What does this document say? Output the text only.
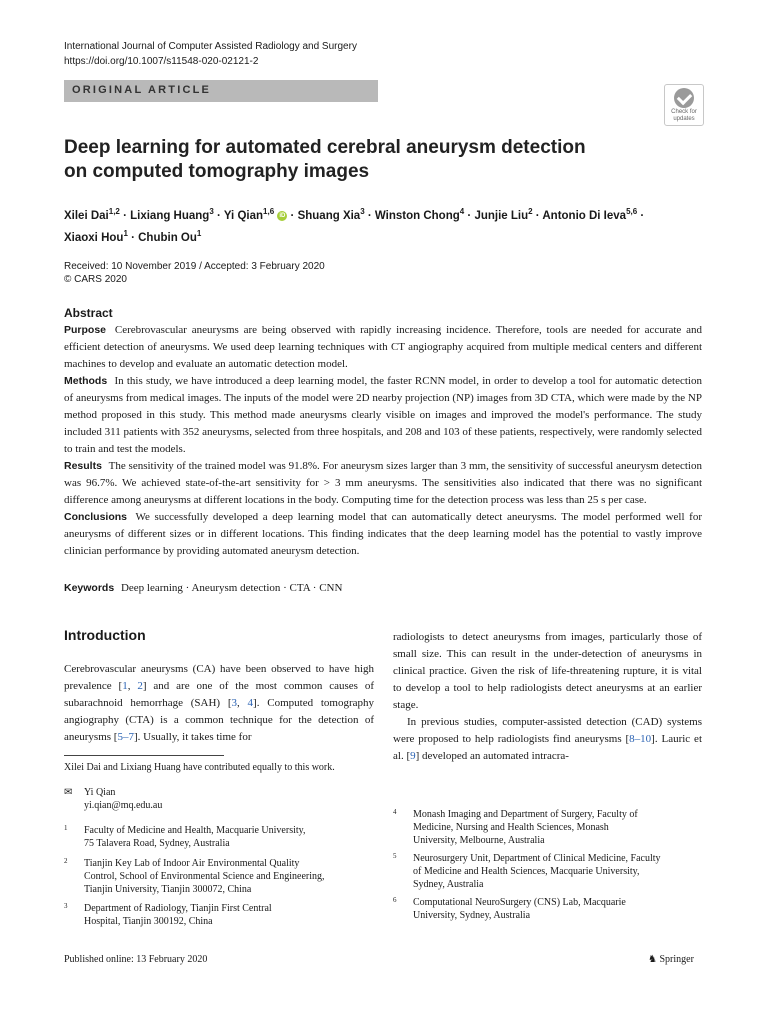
International Journal of Computer Assisted Radiology and Surgery
https://doi.org/10.1007/s11548-020-02121-2
ORIGINAL ARTICLE
Check for
updates
Deep learning for automated cerebral aneurysm detection
on computed tomography images
Xilei Dai$^{1,2}$ · Lixiang Huang$^3$ · Yi Qian$^{1,6}$ iD · Shuang Xia$^3$ · Winston Chong$^4$ · Junjie Liu$^2$ · Antonio Di Ieva$^{5,6}$ ·
Xiaoxi Hou$^1$ · Chubin Ou$^1$
Received: 10 November 2019 / Accepted: 3 February 2020
© CARS 2020
Abstract

Purpose Cerebrovascular aneurysms are being observed with rapidly increasing incidence. Therefore, tools are needed for accurate and efficient detection of aneurysms. We used deep learning techniques with CT angiography acquired from multiple medical centers and different machines to develop and evaluate an automatic detection model.

Methods In this study, we have introduced a deep learning model, the faster RCNN model, in order to develop a tool for automatic detection of aneurysms from medical images. The inputs of the model were 2D nearby projection (NP) images from 3D CTA, which were made by the NP method proposed in this study. This method made aneurysms clearly visible on images and improved the model's performance. The study included 311 patients with 352 aneurysms, selected from three hospitals, and 208 and 103 of these patients, respectively, were randomly selected to train and test the models.

Results The sensitivity of the trained model was 91.8%. For aneurysm sizes larger than 3 mm, the sensitivity of successful aneurysm detection was 96.7%. We achieved state-of-the-art sensitivity for > 3 mm aneurysms. The sensitivities also indicated that there was no significant difference among aneurysms at different locations in the body. Computing time for the detection process was less than 25 s per case.

Conclusions We successfully developed a deep learning model that can automatically detect aneurysms. The model performed well for aneurysms of different sizes or in different locations. This finding indicates that the deep learning model has the potential to vastly improve clinician performance by providing automated aneurysm detection.

Keywords Deep learning · Aneurysm detection · CTA · CNN
Introduction

Cerebrovascular aneurysms (CA) have been observed to have high prevalence [1, 2] and are one of the most common causes of subarachnoid hemorrhage (SAH) [3, 4]. Computed tomography angiography (CTA) is a common technique for the detection of aneurysms [5–7]. Usually, it takes time for

radiologists to detect aneurysms from images, particularly those of small size. This can result in the under-detection of aneurysms in clinical practice. Given the risk of life-threatening rupture, it is vital to develop a tool to help radiologists detect aneurysms at an earlier stage.

In previous studies, computer-assisted detection (CAD) systems were proposed to help radiologists find aneurysms [8–10]. Lauric et al. [9] developed an automated intracra-

Xilei Dai and Lixiang Huang have contributed equally to this work.
✉ Yi Qian
yi.qian@mq.edu.au
1 Faculty of Medicine and Health, Macquarie University,
75 Talavera Road, Sydney, Australia
2 Tianjin Key Lab of Indoor Air Environmental Quality
Control, School of Environmental Science and Engineering,
Tianjin University, Tianjin 300072, China
3 Department of Radiology, Tianjin First Central
Hospital, Tianjin 300192, China
4 Monash Imaging and Department of Surgery, Faculty of
Medicine, Nursing and Health Sciences, Monash
University, Melbourne, Australia
5 Neurosurgery Unit, Department of Clinical Medicine, Faculty
of Medicine and Health Sciences, Macquarie University,
Sydney, Australia
6 Computational NeuroSurgery (CNS) Lab, Macquarie
University, Sydney, Australia
Published online: 13 February 2020	♞ Springer
